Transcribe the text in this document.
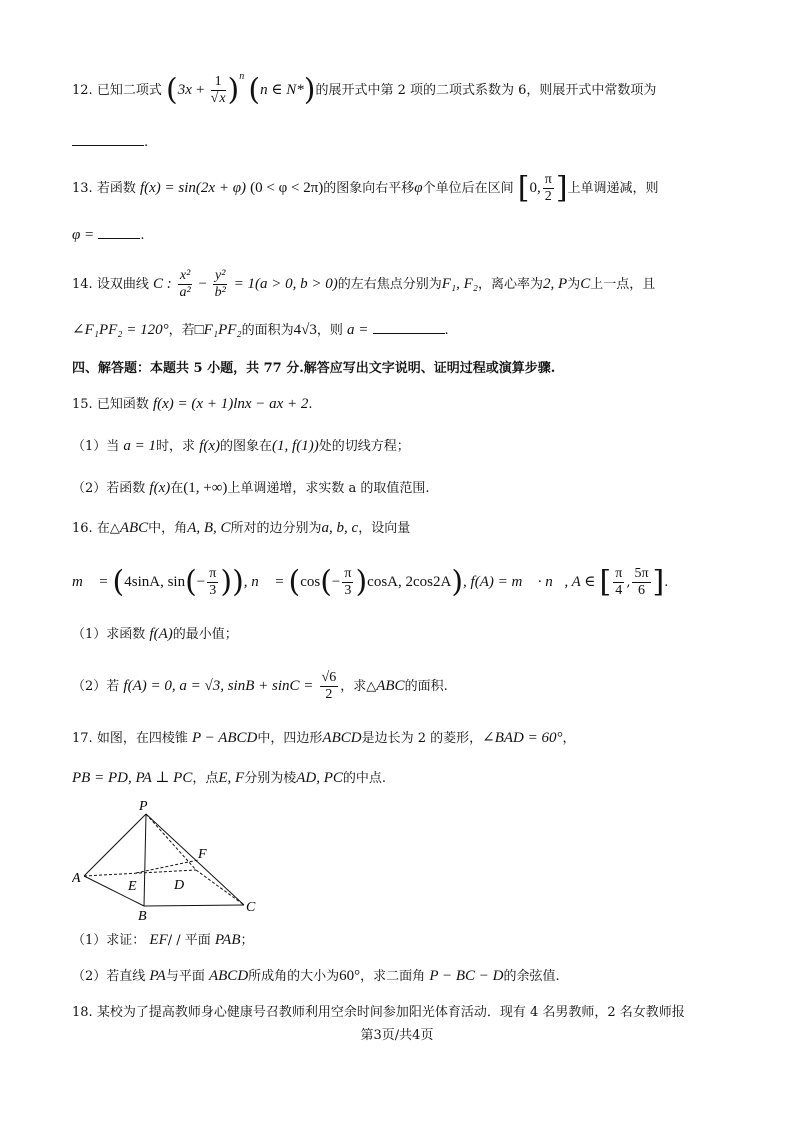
12. 已知二项式 $(3x + \frac{1}{√x} )^n$ (n ∈ N*)的展开式中第 2 项的二项式系数为 6，则展开式中常数项为
.
13. 若函数 f(x) = sin(2x + φ) (0 < φ < 2π)的图象向右平移φ个单位后在区间 [0, $\frac{\pi}{2}$ ]上单调递减，则
φ =	.
14. 设双曲线 C : $\frac{\text{x²}}{\text{a²}} - \frac{\text{y²}}{\text{b²}} = 1(a > 0$, b > 0)的左右焦点分别为F₁, F₂，离心率为2, P为C上一点，且
∠F₁PF₂ = 120°，若□F₁PF₂的面积为4√3，则 a =	.
四、解答题：本题共 5 小题，共 77 分.解答应写出文字说明、证明过程或演算步骤.
15. 已知函数 f(x) = (x + 1)lnx − ax + 2.
（1）当 a = 1时，求 f(x)的图象在(1, f(1))处的切线方程；
（2）若函数 f(x)在(1, +∞)上单调递增，求实数 a 的取值范围.
16. 在△ABC中，角A, B, C所对的边分别为a, b, c，设向量
m⃗ = (4sinA, $\sin(- \frac{\pi}{3}$ )), n⃗ = ($\cos(- \frac{\pi}{3} )\cos A$, 2cos2A), f(A) = m⃗ · n⃗, A ∈ [ $\frac{\pi}{4}$ , $\frac{5\pi}{6}$ ].
（1）求函数 f(A)的最小值；
（2）若 f(A) = 0, a = √3, $\sin B + \sin C = \frac{√6}{2}$ ，求△ABC的面积.
17. 如图，在四棱锥 P − ABCD中，四边形ABCD是边长为 2 的菱形，∠BAD = 60°，
PB = PD, PA ⊥ PC，点E, F分别为棱AD, PC的中点.
P
A
B
C
D
E
F
（1）求证： EF/ / 平面 PAB；
（2）若直线 PA与平面 ABCD所成角的大小为60°，求二面角 P − BC − D的余弦值.
18. 某校为了提高教师身心健康号召教师利用空余时间参加阳光体育活动．现有 4 名男教师，2 名女教师报
第3页/共4页
